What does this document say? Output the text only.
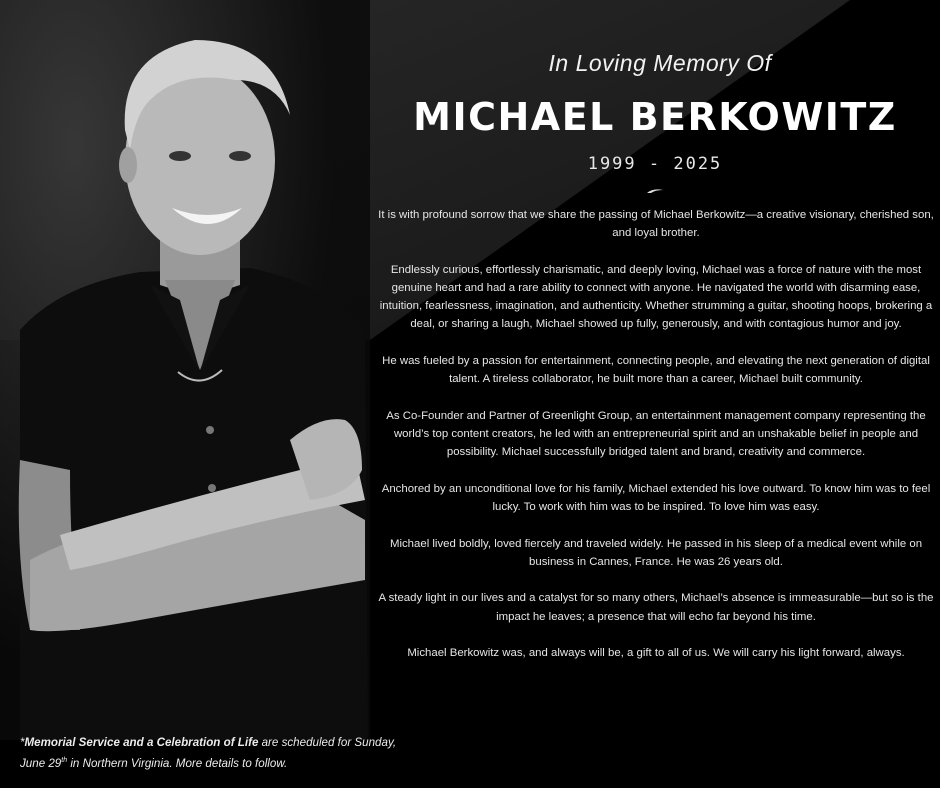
In Loving Memory Of
MICHAEL BERKOWITZ
1999 - 2025

It is with profound sorrow that we share the passing of Michael Berkowitz—a creative visionary, cherished son, and loyal brother.

Endlessly curious, effortlessly charismatic, and deeply loving, Michael was a force of nature with the most genuine heart and had a rare ability to connect with anyone. He navigated the world with disarming ease, intuition, fearlessness, imagination, and authenticity. Whether strumming a guitar, shooting hoops, brokering a deal, or sharing a laugh, Michael showed up fully, generously, and with contagious humor and joy.

He was fueled by a passion for entertainment, connecting people, and elevating the next generation of digital talent. A tireless collaborator, he built more than a career, Michael built community.

As Co-Founder and Partner of Greenlight Group, an entertainment management company representing the world’s top content creators, he led with an entrepreneurial spirit and an unshakable belief in people and possibility. Michael successfully bridged talent and brand, creativity and commerce.

Anchored by an unconditional love for his family, Michael extended his love outward. To know him was to feel lucky. To work with him was to be inspired. To love him was easy.

Michael lived boldly, loved fiercely and traveled widely. He passed in his sleep of a medical event while on business in Cannes, France. He was 26 years old.

A steady light in our lives and a catalyst for so many others, Michael’s absence is immeasurable—but so is the impact he leaves; a presence that will echo far beyond his time.

Michael Berkowitz was, and always will be, a gift to all of us. We will carry his light forward, always.

*Memorial Service and a Celebration of Life are scheduled for Sunday, June 29th in Northern Virginia. More details to follow.
